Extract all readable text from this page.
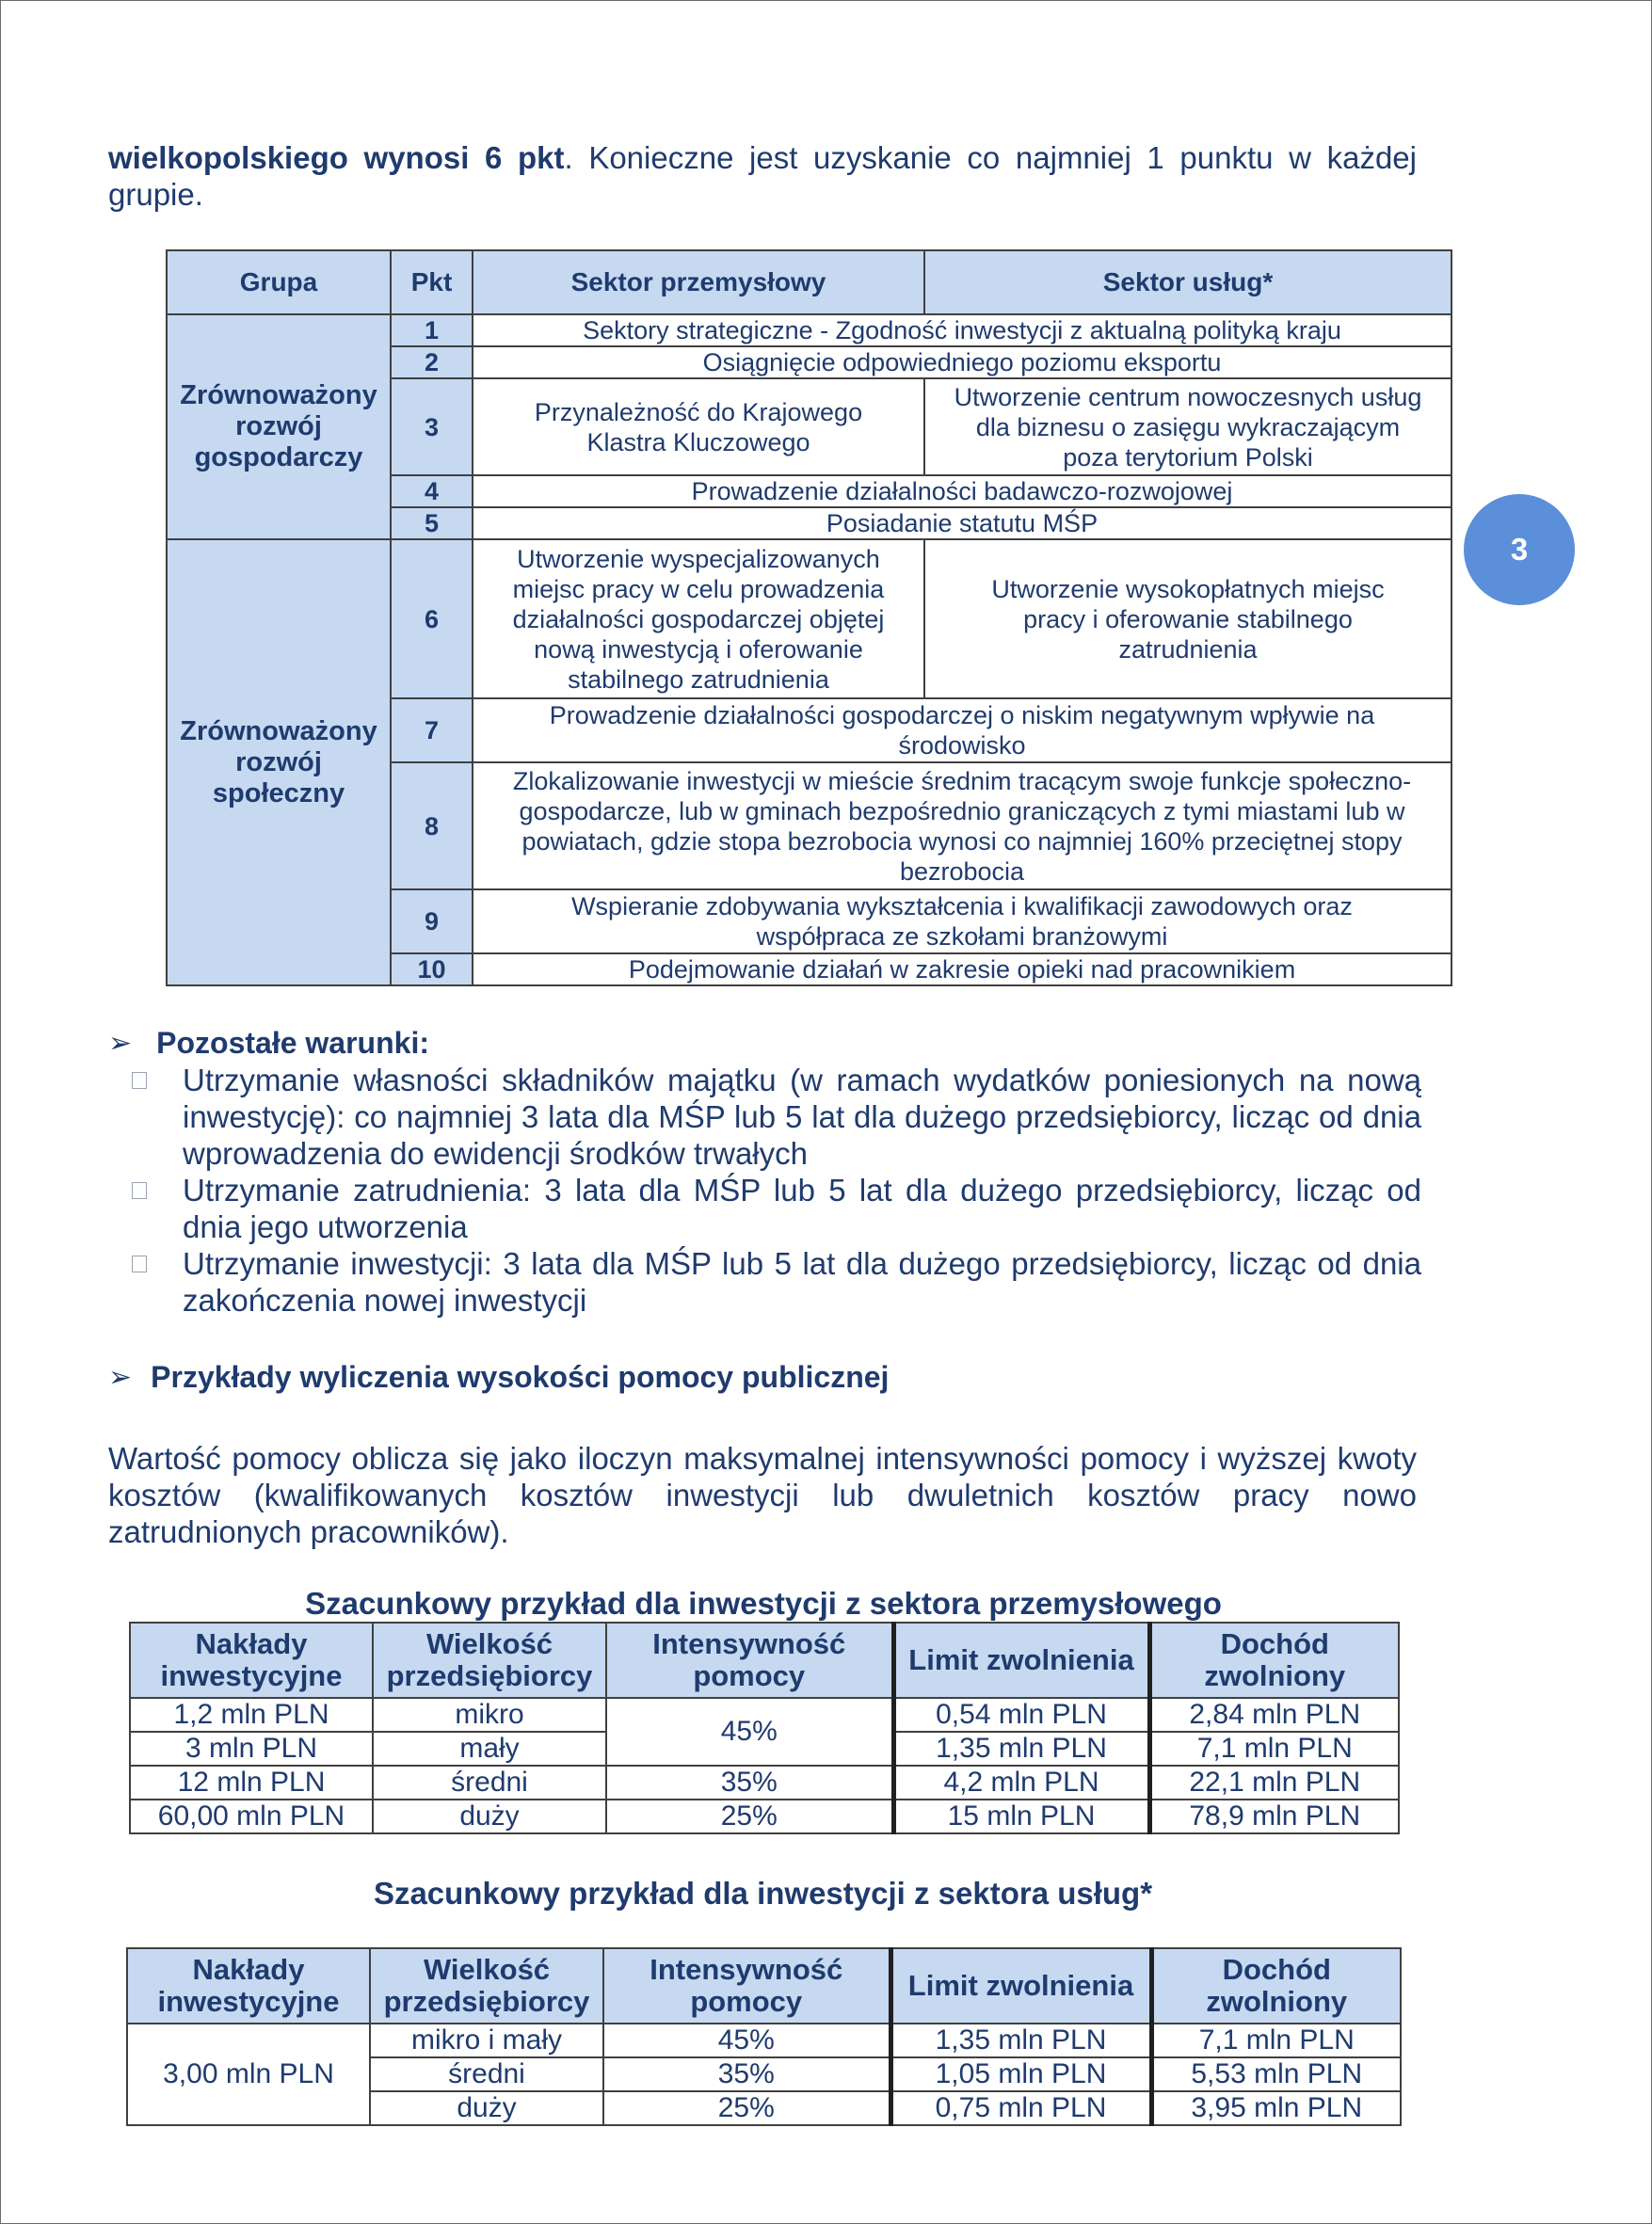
wielkopolskiego wynosi 6 pkt. Konieczne jest uzyskanie co najmniej 1 punktu w każdej grupie.

Grupa	Pkt	Sektor przemysłowy	Sektor usług*
Zrównoważony rozwój gospodarczy	1	Sektory strategiczne - Zgodność inwestycji z aktualną polityką kraju	
	2	Osiągnięcie odpowiedniego poziomu eksportu	
	3	Przynależność do Krajowego Klastra Kluczowego	Utworzenie centrum nowoczesnych usług dla biznesu o zasięgu wykraczającym poza terytorium Polski
	4	Prowadzenie działalności badawczo-rozwojowej	
	5	Posiadanie statutu MŚP	
Zrównoważony rozwój społeczny	6	Utworzenie wyspecjalizowanych miejsc pracy w celu prowadzenia działalności gospodarczej objętej nową inwestycją i oferowanie stabilnego zatrudnienia	Utworzenie wysokopłatnych miejsc pracy i oferowanie stabilnego zatrudnienia
	7	Prowadzenie działalności gospodarczej o niskim negatywnym wpływie na środowisko	
	8	Zlokalizowanie inwestycji w mieście średnim tracącym swoje funkcje społeczno-gospodarcze, lub w gminach bezpośrednio graniczących z tymi miastami lub w powiatach, gdzie stopa bezrobocia wynosi co najmniej 160% przeciętnej stopy bezrobocia	
	9	Wspieranie zdobywania wykształcenia i kwalifikacji zawodowych oraz współpraca ze szkołami branżowymi	
	10	Podejmowanie działań w zakresie opieki nad pracownikiem	
3
➢ Pozostałe warunki:
Utrzymanie własności składników majątku (w ramach wydatków poniesionych na nową inwestycję): co najmniej 3 lata dla MŚP lub 5 lat dla dużego przedsiębiorcy, licząc od dnia wprowadzenia do ewidencji środków trwałych
Utrzymanie zatrudnienia: 3 lata dla MŚP lub 5 lat dla dużego przedsiębiorcy, licząc od dnia jego utworzenia
Utrzymanie inwestycji: 3 lata dla MŚP lub 5 lat dla dużego przedsiębiorcy, licząc od dnia zakończenia nowej inwestycji
➢ Przykłady wyliczenia wysokości pomocy publicznej

Wartość pomocy oblicza się jako iloczyn maksymalnej intensywności pomocy i wyższej kwoty kosztów (kwalifikowanych kosztów inwestycji lub dwuletnich kosztów pracy nowo zatrudnionych pracowników).

Szacunkowy przykład dla inwestycji z sektora przemysłowego
Nakłady inwestycyjne	Wielkość przedsiębiorcy	Intensywność pomocy	Limit zwolnienia	Dochód zwolniony
1,2 mln PLN	mikro	45%	0,54 mln PLN	2,84 mln PLN
3 mln PLN	mały		1,35 mln PLN	7,1 mln PLN
12 mln PLN	średni	35%	4,2 mln PLN	22,1 mln PLN
60,00 mln PLN	duży	25%	15 mln PLN	78,9 mln PLN
Szacunkowy przykład dla inwestycji z sektora usług*
Nakłady inwestycyjne	Wielkość przedsiębiorcy	Intensywność pomocy	Limit zwolnienia	Dochód zwolniony
3,00 mln PLN	mikro i mały	45%	1,35 mln PLN	7,1 mln PLN
	średni	35%	1,05 mln PLN	5,53 mln PLN
	duży	25%	0,75 mln PLN	3,95 mln PLN
